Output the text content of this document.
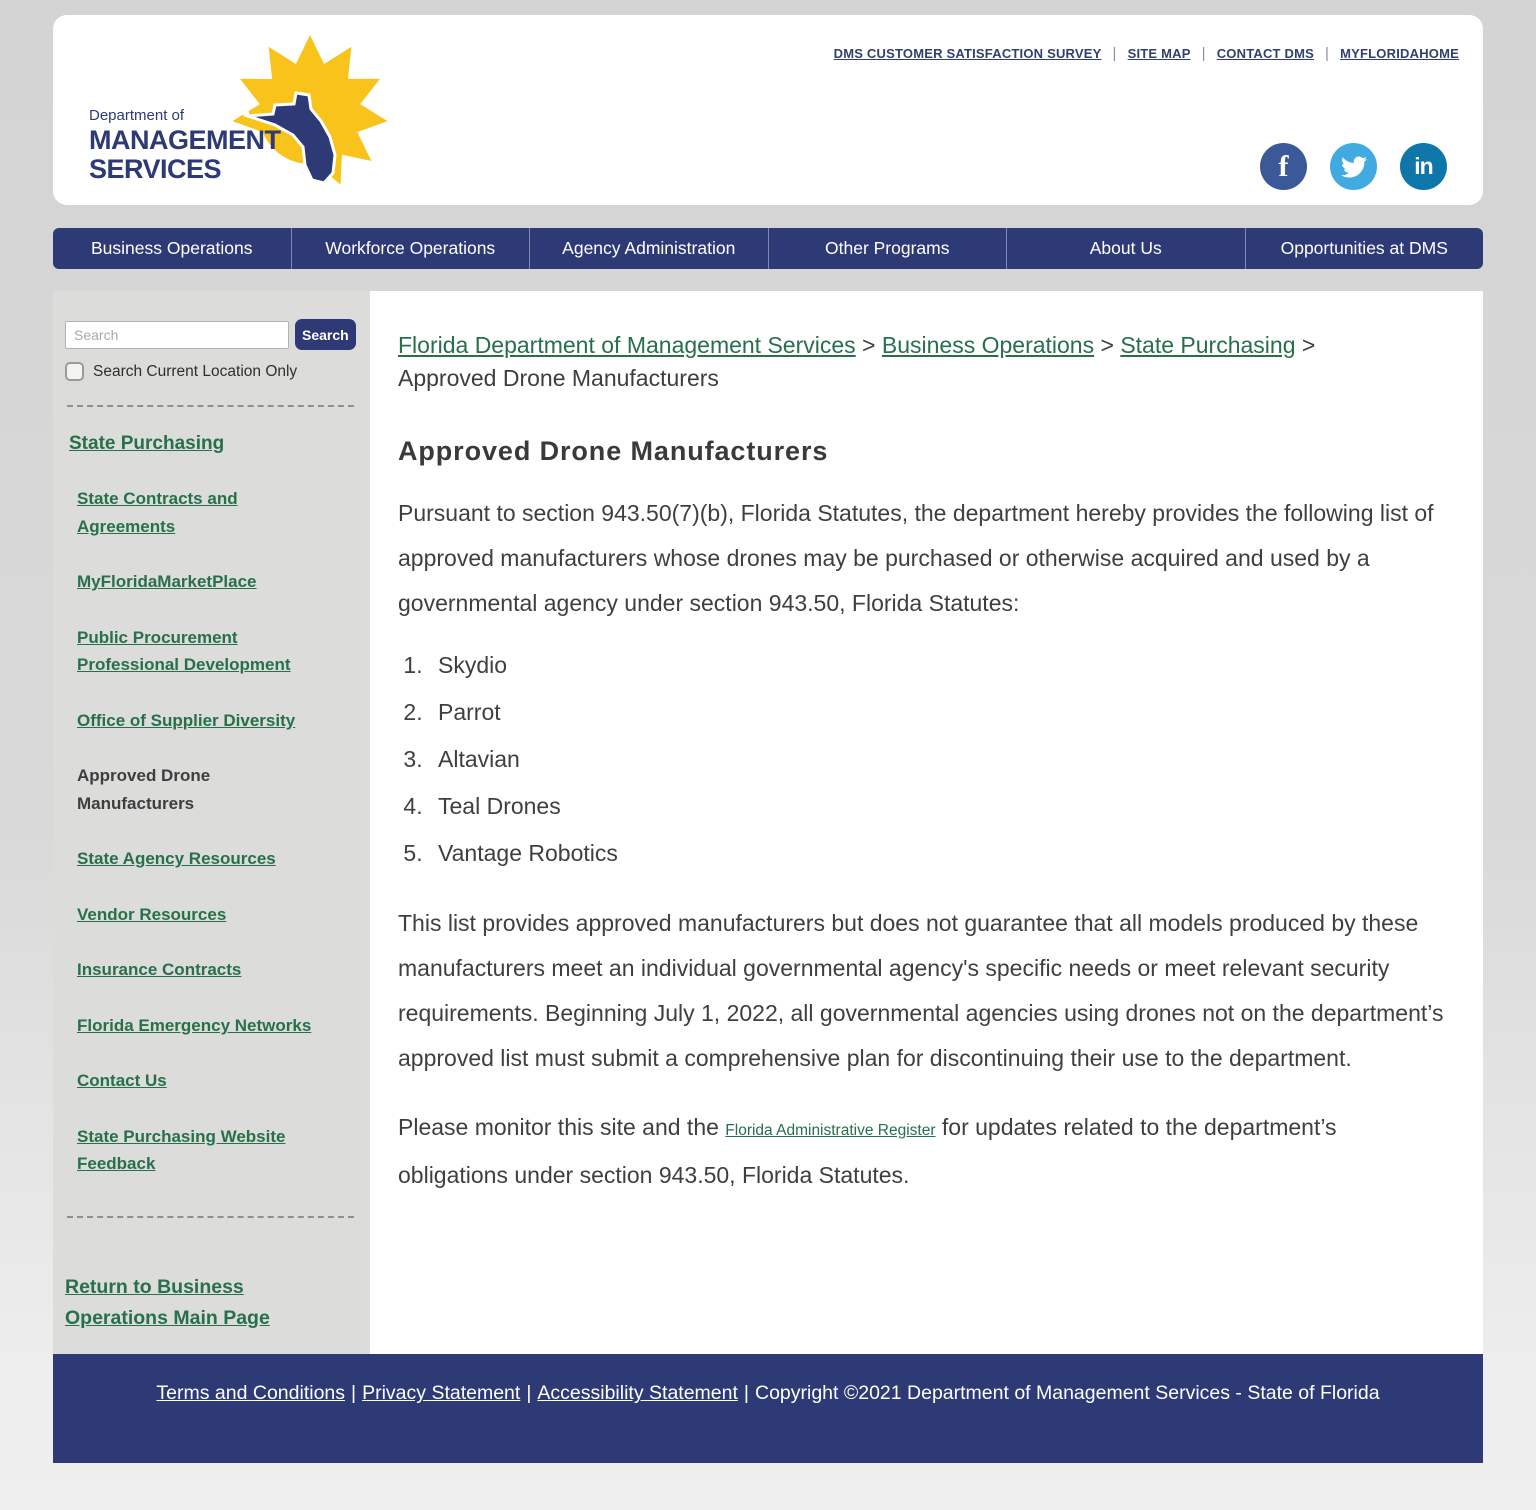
DMS CUSTOMER SATISFACTION SURVEY | SITE MAP | CONTACT DMS | MYFLORIDAHOME
Department of
MANAGEMENT
SERVICES	f	in
Business Operations	Workforce Operations	Agency Administration	Other Programs	About Us	Opportunities at DMS
Search
Search
Search Current Location Only
State Purchasing
State Contracts and Agreements
MyFloridaMarketPlace
Public Procurement Professional Development
Office of Supplier Diversity
Approved Drone Manufacturers
State Agency Resources
Vendor Resources
Insurance Contracts
Florida Emergency Networks
Contact Us
State Purchasing Website Feedback
Return to Business Operations Main Page
Florida Department of Management Services > Business Operations > State Purchasing > Approved Drone Manufacturers
Approved Drone Manufacturers

Pursuant to section 943.50(7)(b), Florida Statutes, the department hereby provides the following list of approved manufacturers whose drones may be purchased or otherwise acquired and used by a governmental agency under section 943.50, Florida Statutes:

1. Skydio
2. Parrot
3. Altavian
4. Teal Drones
5. Vantage Robotics

This list provides approved manufacturers but does not guarantee that all models produced by these manufacturers meet an individual governmental agency's specific needs or meet relevant security requirements. Beginning July 1, 2022, all governmental agencies using drones not on the department’s approved list must submit a comprehensive plan for discontinuing their use to the department.

Please monitor this site and the Florida Administrative Register for updates related to the department’s obligations under section 943.50, Florida Statutes.

Terms and Conditions | Privacy Statement | Accessibility Statement | Copyright ©2021 Department of Management Services - State of Florida
